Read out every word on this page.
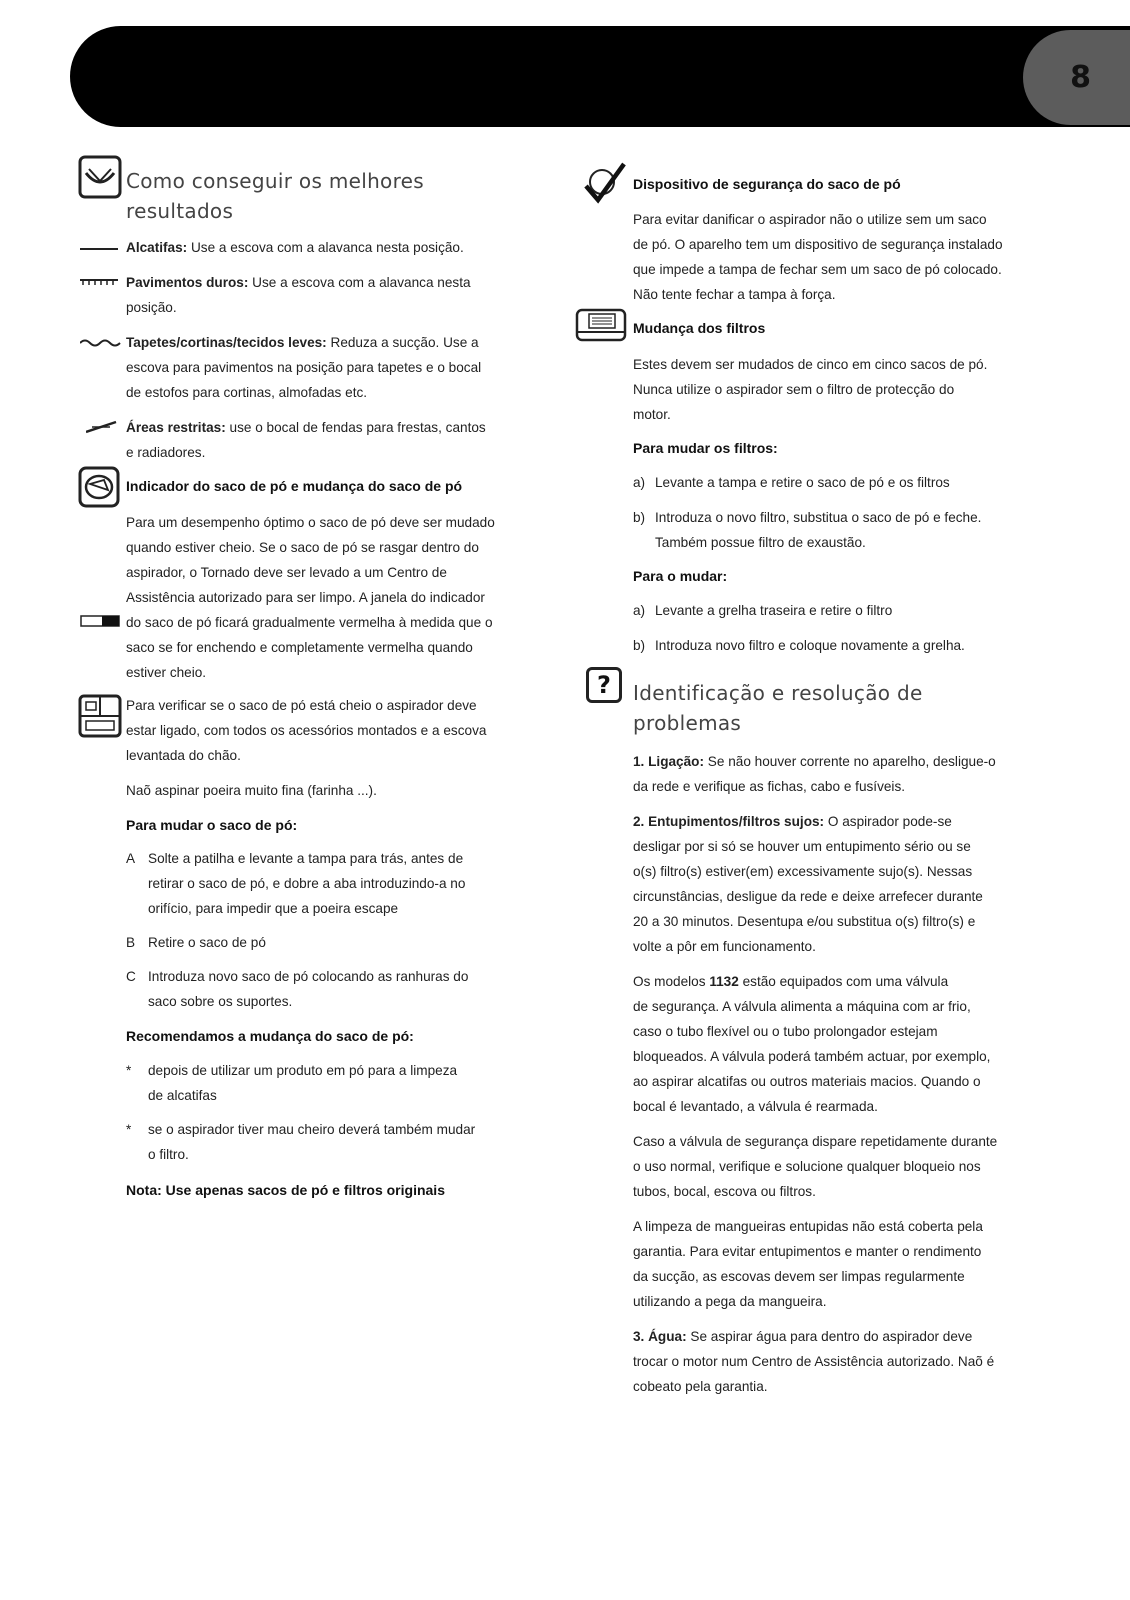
8
Como conseguir os melhores
resultados

Alcatifas: Use a escova com a alavanca nesta posição.

Pavimentos duros: Use a escova com a alavanca nesta

posição.

Tapetes/cortinas/tecidos leves: Reduza a sucção. Use a

escova para pavimentos na posição para tapetes e o bocal

de estofos para cortinas, almofadas etc.

Áreas restritas: use o bocal de fendas para frestas, cantos

e radiadores.

Indicador do saco de pó e mudança do saco de pó

Para um desempenho óptimo o saco de pó deve ser mudado

quando estiver cheio. Se o saco de pó se rasgar dentro do

aspirador, o Tornado deve ser levado a um Centro de

Assistência autorizado para ser limpo. A janela do indicador

do saco de pó ficará gradualmente vermelha à medida que o

saco se for enchendo e completamente vermelha quando

estiver cheio.

Para verificar se o saco de pó está cheio o aspirador deve

estar ligado, com todos os acessórios montados e a escova

levantada do chão.

Naõ aspinar poeira muito fina (farinha ...).

Para mudar o saco de pó:
A Solte a patilha e levante a tampa para trás, antes de

retirar o saco de pó, e dobre a aba introduzindo-a no

orifício, para impedir que a poeira escape

B Retire o saco de pó

C Introduza novo saco de pó colocando as ranhuras do

saco sobre os suportes.

Recomendamos a mudança do saco de pó:
* depois de utilizar um produto em pó para a limpeza

de alcatifas

* se o aspirador tiver mau cheiro deverá também mudar

o filtro.

Nota: Use apenas sacos de pó e filtros originais
Dispositivo de segurança do saco de pó

Para evitar danificar o aspirador não o utilize sem um saco

de pó. O aparelho tem um dispositivo de segurança instalado

que impede a tampa de fechar sem um saco de pó colocado.

Não tente fechar a tampa à força.

Mudança dos filtros

Estes devem ser mudados de cinco em cinco sacos de pó.

Nunca utilize o aspirador sem o filtro de protecção do

motor.

Para mudar os filtros:
a) Levante a tampa e retire o saco de pó e os filtros

b) Introduza o novo filtro, substitua o saco de pó e feche.

Também possue filtro de exaustão.

Para o mudar:
a) Levante a grelha traseira e retire o filtro

b) Introduza novo filtro e coloque novamente a grelha.

? Identificação e resolução de
problemas

1. Ligação: Se não houver corrente no aparelho, desligue-o

da rede e verifique as fichas, cabo e fusíveis.

2. Entupimentos/filtros sujos: O aspirador pode-se

desligar por si só se houver um entupimento sério ou se

o(s) filtro(s) estiver(em) excessivamente sujo(s). Nessas

circunstâncias, desligue da rede e deixe arrefecer durante

20 a 30 minutos. Desentupa e/ou substitua o(s) filtro(s) e

volte a pôr em funcionamento.

Os modelos 1132 estão equipados com uma válvula

de segurança. A válvula alimenta a máquina com ar frio,

caso o tubo flexível ou o tubo prolongador estejam

bloqueados. A válvula poderá também actuar, por exemplo,

ao aspirar alcatifas ou outros materiais macios. Quando o

bocal é levantado, a válvula é rearmada.

Caso a válvula de segurança dispare repetidamente durante

o uso normal, verifique e solucione qualquer bloqueio nos

tubos, bocal, escova ou filtros.

A limpeza de mangueiras entupidas não está coberta pela

garantia. Para evitar entupimentos e manter o rendimento

da sucção, as escovas devem ser limpas regularmente

utilizando a pega da mangueira.

3. Água: Se aspirar água para dentro do aspirador deve

trocar o motor num Centro de Assistência autorizado. Naõ é

cobeato pela garantia.
